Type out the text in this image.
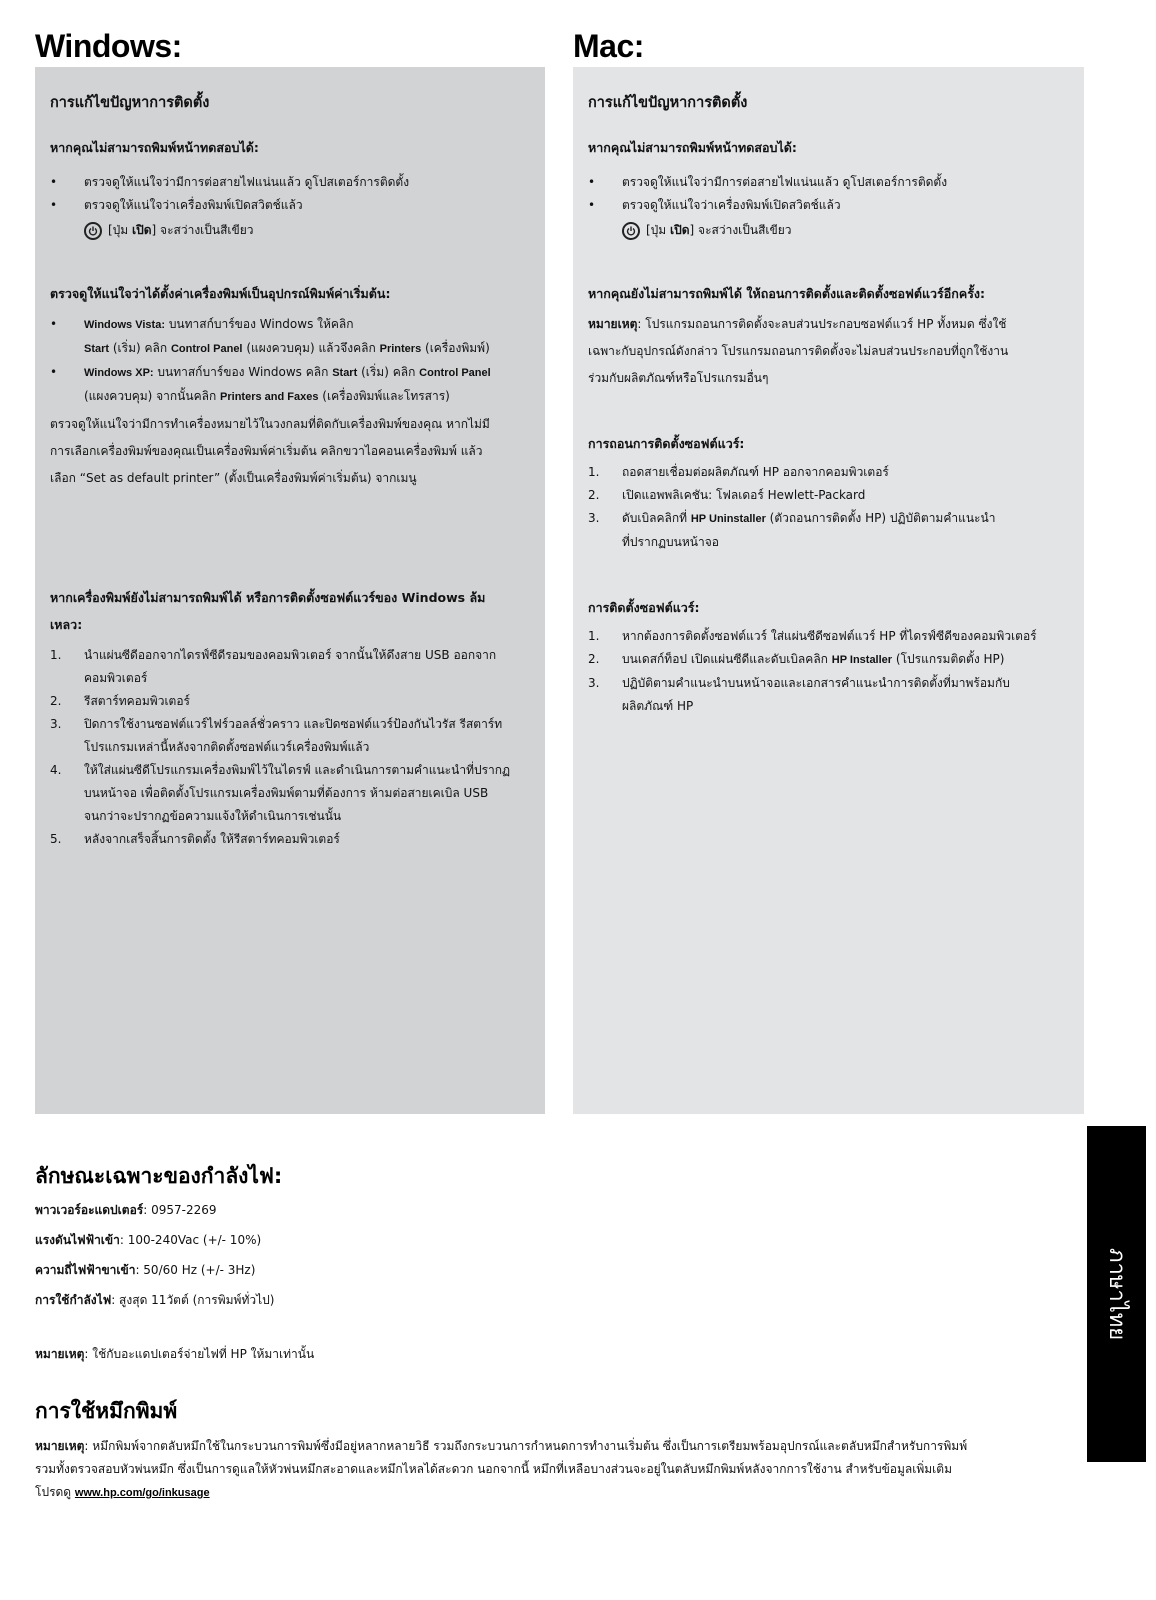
Windows:	Mac:
การแก้ไขปัญหาการติดตั้ง
หากคุณไม่สามารถพิมพ์หน้าทดสอบได้:
• ตรวจดูให้แน่ใจว่ามีการต่อสายไฟแน่นแล้ว ดูโปสเตอร์การติดตั้ง
• ตรวจดูให้แน่ใจว่าเครื่องพิมพ์เปิดสวิตช์แล้ว
[ปุ่ม เปิด] จะสว่างเป็นสีเขียว
ตรวจดูให้แน่ใจว่าได้ตั้งค่าเครื่องพิมพ์เป็นอุปกรณ์พิมพ์ค่าเริ่มต้น:
• Windows Vista: บนทาสก์บาร์ของ Windows ให้คลิก
Start (เริ่ม) คลิก Control Panel (แผงควบคุม) แล้วจึงคลิก Printers (เครื่องพิมพ์)
• Windows XP: บนทาสก์บาร์ของ Windows คลิก Start (เริ่ม) คลิก Control Panel
(แผงควบคุม) จากนั้นคลิก Printers and Faxes (เครื่องพิมพ์และโทรสาร)

ตรวจดูให้แน่ใจว่ามีการทำเครื่องหมายไว้ในวงกลมที่ติดกับเครื่องพิมพ์ของคุณ หากไม่มี
การเลือกเครื่องพิมพ์ของคุณเป็นเครื่องพิมพ์ค่าเริ่มต้น คลิกขวาไอคอนเครื่องพิมพ์ แล้ว
เลือก “Set as default printer” (ตั้งเป็นเครื่องพิมพ์ค่าเริ่มต้น) จากเมนู

หากเครื่องพิมพ์ยังไม่สามารถพิมพ์ได้ หรือการติดตั้งซอฟต์แวร์ของ Windows ล้ม
เหลว:
1. นำแผ่นซีดีออกจากไดรฟ์ซีดีรอมของคอมพิวเตอร์ จากนั้นให้ดึงสาย USB ออกจาก
คอมพิวเตอร์
2. รีสตาร์ทคอมพิวเตอร์
3. ปิดการใช้งานซอฟต์แวร์ไฟร์วอลล์ชั่วคราว และปิดซอฟต์แวร์ป้องกันไวรัส รีสตาร์ท
โปรแกรมเหล่านี้หลังจากติดตั้งซอฟต์แวร์เครื่องพิมพ์แล้ว
4. ให้ใส่แผ่นซีดีโปรแกรมเครื่องพิมพ์ไว้ในไดรฟ์ และดำเนินการตามคำแนะนำที่ปรากฏ
บนหน้าจอ เพื่อติดตั้งโปรแกรมเครื่องพิมพ์ตามที่ต้องการ ห้ามต่อสายเคเบิล USB
จนกว่าจะปรากฏข้อความแจ้งให้ดำเนินการเช่นนั้น
5. หลังจากเสร็จสิ้นการติดตั้ง ให้รีสตาร์ทคอมพิวเตอร์
การแก้ไขปัญหาการติดตั้ง
หากคุณไม่สามารถพิมพ์หน้าทดสอบได้:
• ตรวจดูให้แน่ใจว่ามีการต่อสายไฟแน่นแล้ว ดูโปสเตอร์การติดตั้ง
• ตรวจดูให้แน่ใจว่าเครื่องพิมพ์เปิดสวิตช์แล้ว
[ปุ่ม เปิด] จะสว่างเป็นสีเขียว
หากคุณยังไม่สามารถพิมพ์ได้ ให้ถอนการติดตั้งและติดตั้งซอฟต์แวร์อีกครั้ง:

หมายเหตุ: โปรแกรมถอนการติดตั้งจะลบส่วนประกอบซอฟต์แวร์ HP ทั้งหมด ซึ่งใช้
เฉพาะกับอุปกรณ์ดังกล่าว โปรแกรมถอนการติดตั้งจะไม่ลบส่วนประกอบที่ถูกใช้งาน
ร่วมกับผลิตภัณฑ์หรือโปรแกรมอื่นๆ

การถอนการติดตั้งซอฟต์แวร์:
1. ถอดสายเชื่อมต่อผลิตภัณฑ์ HP ออกจากคอมพิวเตอร์
2. เปิดแอพพลิเคชัน: โฟลเดอร์ Hewlett-Packard
3. ดับเบิลคลิกที่ HP Uninstaller (ตัวถอนการติดตั้ง HP) ปฏิบัติตามคำแนะนำ
ที่ปรากฏบนหน้าจอ
การติดตั้งซอฟต์แวร์:
1. หากต้องการติดตั้งซอฟต์แวร์ ใส่แผ่นซีดีซอฟต์แวร์ HP ที่ไดรฟ์ซีดีของคอมพิวเตอร์
2. บนเดสก์ท็อป เปิดแผ่นซีดีและดับเบิลคลิก HP Installer (โปรแกรมติดตั้ง HP)
3. ปฏิบัติตามคำแนะนำบนหน้าจอและเอกสารคำแนะนำการติดตั้งที่มาพร้อมกับ
ผลิตภัณฑ์ HP
ลักษณะเฉพาะของกำลังไฟ:
พาวเวอร์อะแดปเตอร์: 0957-2269
แรงดันไฟฟ้าเข้า: 100-240Vac (+/- 10%)
ความถี่ไฟฟ้าขาเข้า: 50/60 Hz (+/- 3Hz)
การใช้กำลังไฟ: สูงสุด 11วัตต์ (การพิมพ์ทั่วไป)
หมายเหตุ: ใช้กับอะแดปเตอร์จ่ายไฟที่ HP ให้มาเท่านั้น
การใช้หมึกพิมพ์
หมายเหตุ: หมึกพิมพ์จากตลับหมึกใช้ในกระบวนการพิมพ์ซึ่งมีอยู่หลากหลายวิธี รวมถึงกระบวนการกำหนดการทำงานเริ่มต้น ซึ่งเป็นการเตรียมพร้อมอุปกรณ์และตลับหมึกสำหรับการพิมพ์
รวมทั้งตรวจสอบหัวพ่นหมึก ซึ่งเป็นการดูแลให้หัวพ่นหมึกสะอาดและหมึกไหลได้สะดวก นอกจากนี้ หมึกที่เหลือบางส่วนจะอยู่ในตลับหมึกพิมพ์หลังจากการใช้งาน สำหรับข้อมูลเพิ่มเติม
โปรดดู www.hp.com/go/inkusage
ภาษาไทย
